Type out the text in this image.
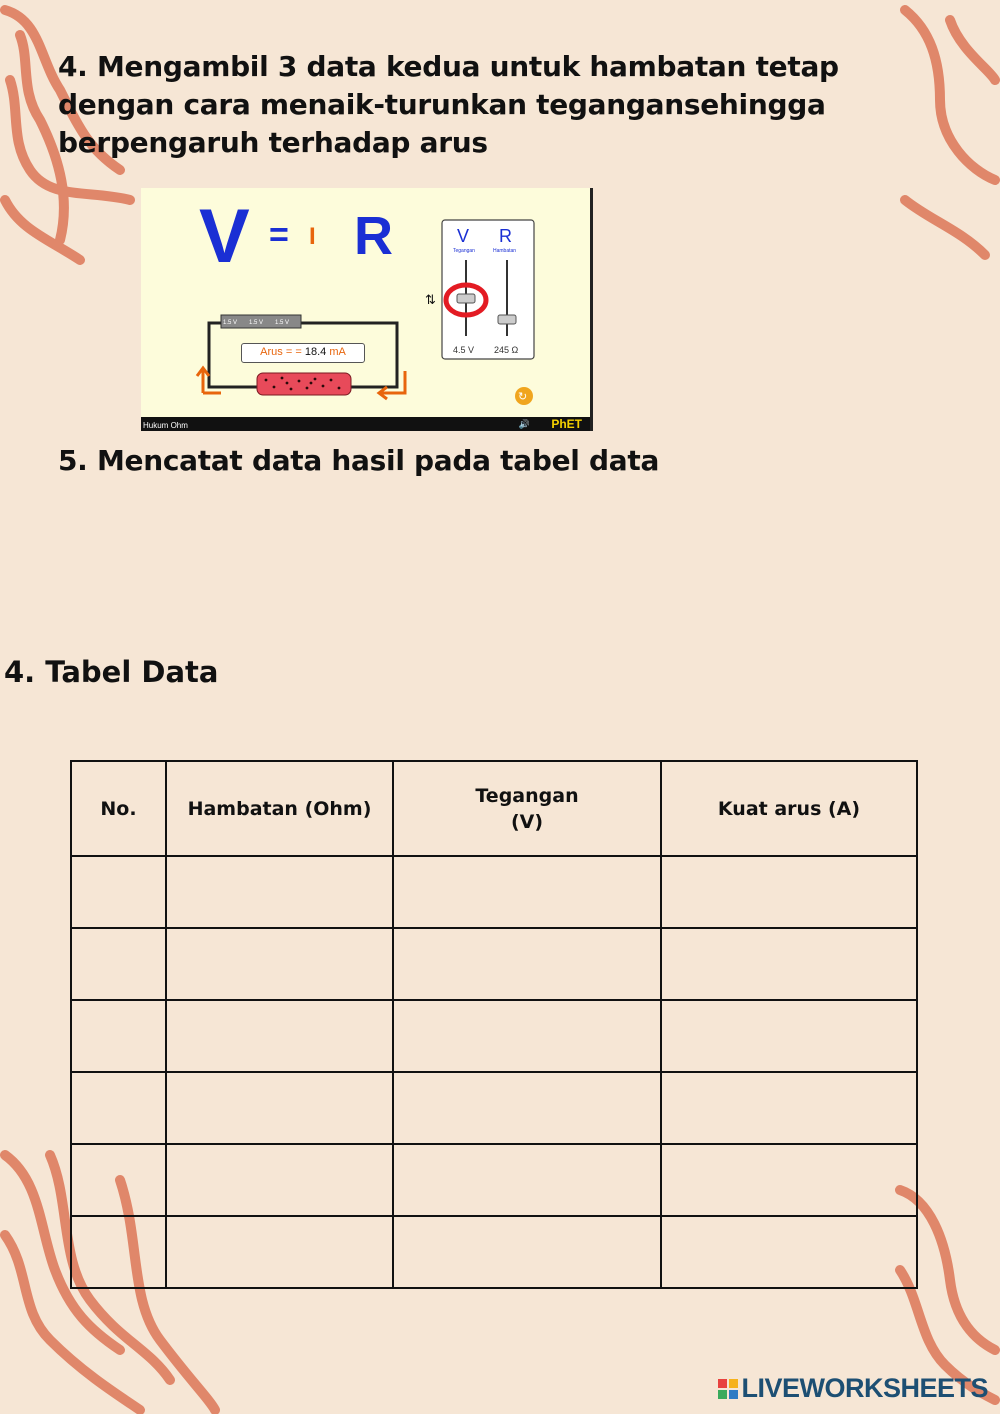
4. Mengambil 3 data kedua untuk hambatan tetap dengan cara menaik-turunkan tegangansehingga berpengaruh terhadap arus

V = I R	V
Tegangan
R
Hambatan
⇅
4.5 V 245 Ω
1.5 V 1.5 V 1.5 V
↻
Arus = = 18.4 mA
Hukum Ohm	🔊 PhET

5. Mencatat data hasil pada tabel data

4. Tabel Data

No.	Hambatan (Ohm)	Tegangan
(V)	Kuat arus (A)

LIVEWORKSHEETS
